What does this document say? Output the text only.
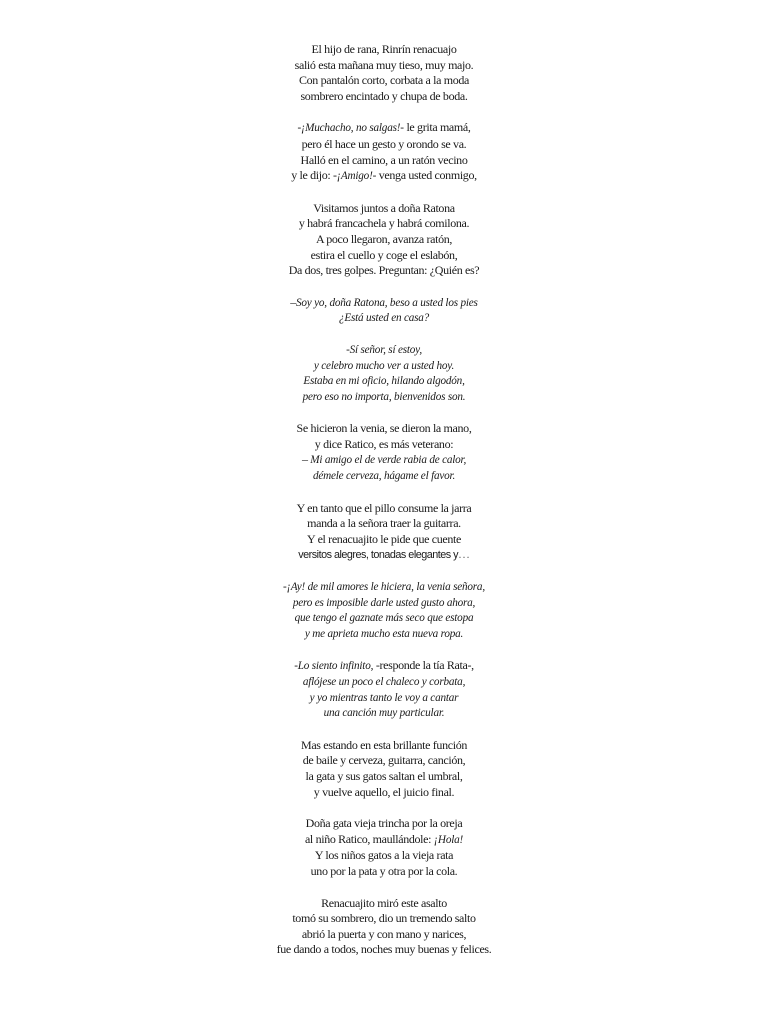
El hijo de rana, Rinrín renacuajo
salió esta mañana muy tieso, muy majo.
Con pantalón corto, corbata a la moda
sombrero encintado y chupa de boda.
-¡Muchacho, no salgas!- le grita mamá,
pero él hace un gesto y orondo se va.
Halló en el camino, a un ratón vecino
y le dijo: -¡Amigo!- venga usted conmigo,
Visitamos juntos a doña Ratona
y habrá francachela y habrá comilona.
A poco llegaron, avanza ratón,
estira el cuello y coge el eslabón,
Da dos, tres golpes. Preguntan: ¿Quién es?
–Soy yo, doña Ratona, beso a usted los pies
¿Está usted en casa?
-Sí señor, sí estoy,
y celebro mucho ver a usted hoy.
Estaba en mi oficio, hilando algodón,
pero eso no importa, bienvenidos son.
Se hicieron la venia, se dieron la mano,
y dice Ratico, es más veterano:
– Mi amigo el de verde rabia de calor,
démele cerveza, hágame el favor.
Y en tanto que el pillo consume la jarra
manda a la señora traer la guitarra.
Y el renacuajito le pide que cuente
versitos alegres, tonadas elegantes y…
-¡Ay! de mil amores le hiciera, la venia señora,
pero es imposible darle usted gusto ahora,
que tengo el gaznate más seco que estopa
y me aprieta mucho esta nueva ropa.
-Lo siento infinito, -responde la tía Rata-,
aflójese un poco el chaleco y corbata,
y yo mientras tanto le voy a cantar
una canción muy particular.
Mas estando en esta brillante función
de baile y cerveza, guitarra, canción,
la gata y sus gatos saltan el umbral,
y vuelve aquello, el juicio final.
Doña gata vieja trincha por la oreja
al niño Ratico, maullándole: ¡Hola!
Y los niños gatos a la vieja rata
uno por la pata y otra por la cola.
Renacuajito miró este asalto
tomó su sombrero, dio un tremendo salto
abrió la puerta y con mano y narices,
fue dando a todos, noches muy buenas y felices.
